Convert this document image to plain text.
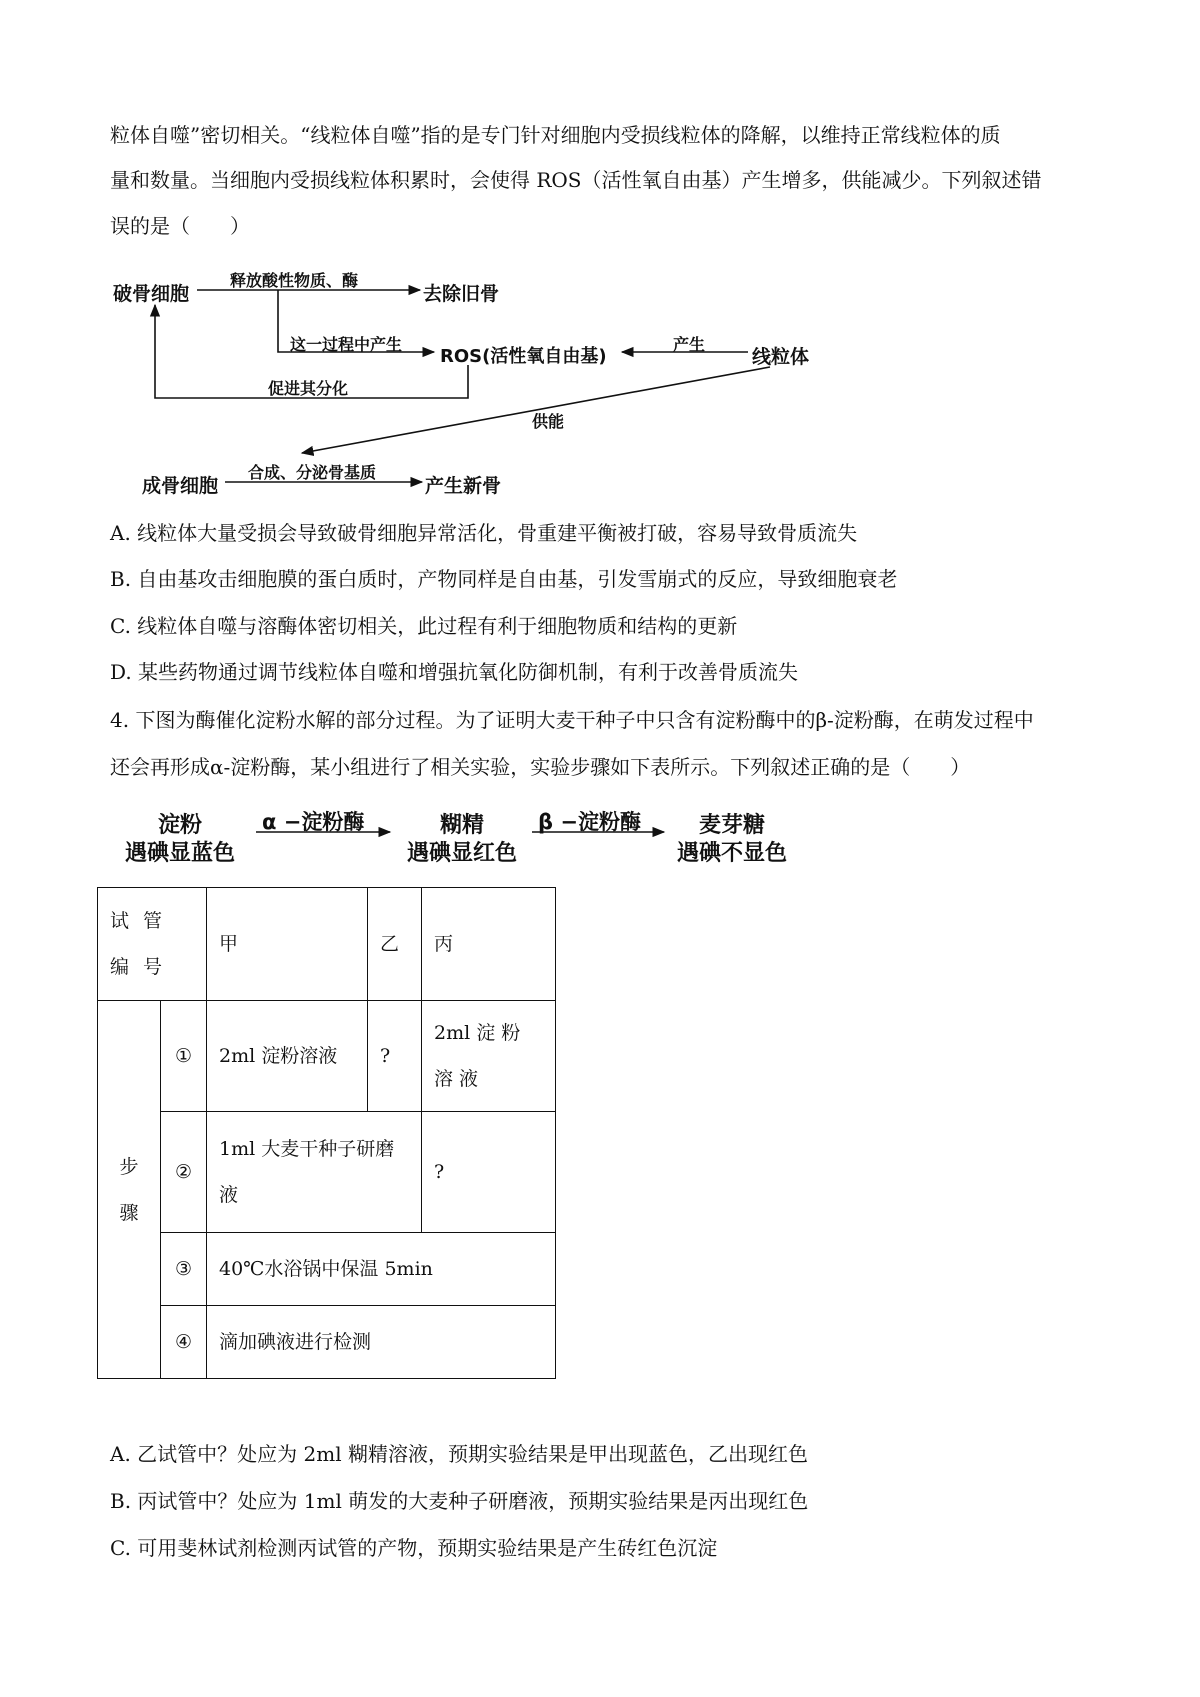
粒体自噬”密切相关。“线粒体自噬”指的是专门针对细胞内受损线粒体的降解，以维持正常线粒体的质
量和数量。当细胞内受损线粒体积累时，会使得 ROS（活性氧自由基）产生增多，供能减少。下列叙述错
误的是（　　）
破骨细胞
释放酸性物质、酶
去除旧骨
这一过程中产生
ROS(活性氧自由基)
产生
线粒体
促进其分化
供能
成骨细胞
合成、分泌骨基质
产生新骨
A. 线粒体大量受损会导致破骨细胞异常活化，骨重建平衡被打破，容易导致骨质流失
B. 自由基攻击细胞膜的蛋白质时，产物同样是自由基，引发雪崩式的反应，导致细胞衰老
C. 线粒体自噬与溶酶体密切相关，此过程有利于细胞物质和结构的更新
D. 某些药物通过调节线粒体自噬和增强抗氧化防御机制，有利于改善骨质流失
4. 下图为酶催化淀粉水解的部分过程。为了证明大麦干种子中只含有淀粉酶中的β-淀粉酶，在萌发过程中
还会再形成α-淀粉酶，某小组进行了相关实验，实验步骤如下表所示。下列叙述正确的是（　　）
淀粉
遇碘显蓝色
α −淀粉酶	糊精
遇碘显红色
β −淀粉酶	麦芽糖
遇碘不显色
试 管 编 号		甲	乙	丙
步 骤	①	2ml 淀粉溶液	?	2ml 淀 粉 溶 液
	②	1ml 大麦干种子研磨液		?
	③	40℃水浴锅中保温 5min		
	④	滴加碘液进行检测		
A. 乙试管中？处应为 2ml 糊精溶液，预期实验结果是甲出现蓝色，乙出现红色
B. 丙试管中？处应为 1ml 萌发的大麦种子研磨液，预期实验结果是丙出现红色
C. 可用斐林试剂检测丙试管的产物，预期实验结果是产生砖红色沉淀
